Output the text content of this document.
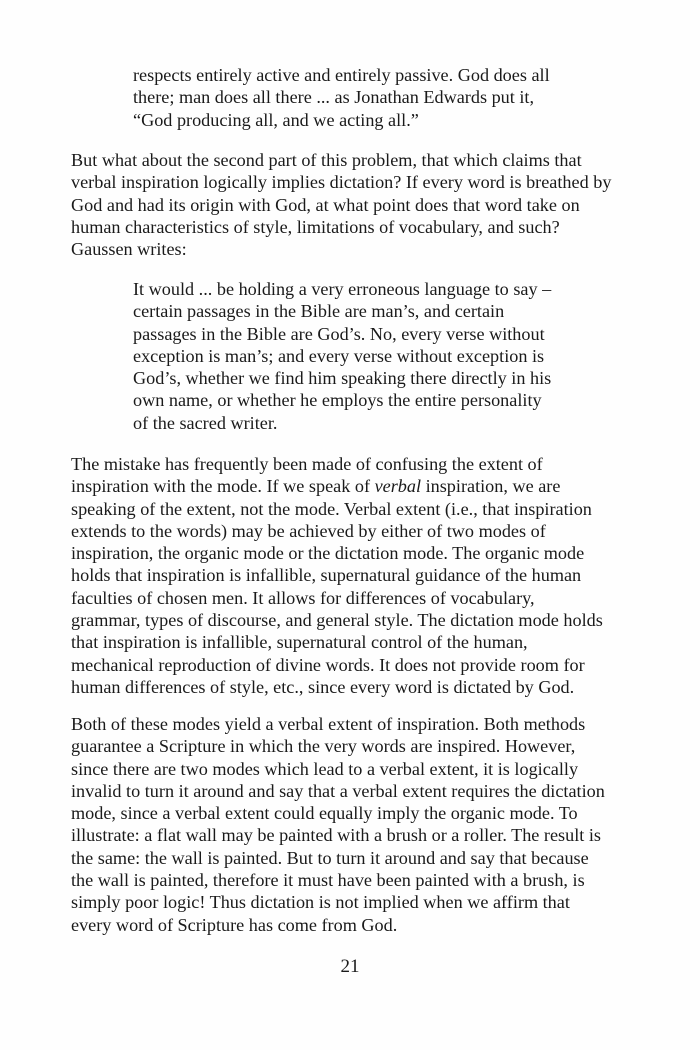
respects entirely active and entirely passive. God does all
there; man does all there ... as Jonathan Edwards put it,
“God producing all, and we acting all.”
But what about the second part of this problem, that which claims that
verbal inspiration logically implies dictation? If every word is breathed by
God and had its origin with God, at what point does that word take on
human characteristics of style, limitations of vocabulary, and such?
Gaussen writes:
It would ... be holding a very erroneous language to say –
certain passages in the Bible are man’s, and certain
passages in the Bible are God’s. No, every verse without
exception is man’s; and every verse without exception is
God’s, whether we find him speaking there directly in his
own name, or whether he employs the entire personality
of the sacred writer.
The mistake has frequently been made of confusing the extent of
inspiration with the mode. If we speak of verbal inspiration, we are
speaking of the extent, not the mode. Verbal extent (i.e., that inspiration
extends to the words) may be achieved by either of two modes of
inspiration, the organic mode or the dictation mode. The organic mode
holds that inspiration is infallible, supernatural guidance of the human
faculties of chosen men. It allows for differences of vocabulary,
grammar, types of discourse, and general style. The dictation mode holds
that inspiration is infallible, supernatural control of the human,
mechanical reproduction of divine words. It does not provide room for
human differences of style, etc., since every word is dictated by God.
Both of these modes yield a verbal extent of inspiration. Both methods
guarantee a Scripture in which the very words are inspired. However,
since there are two modes which lead to a verbal extent, it is logically
invalid to turn it around and say that a verbal extent requires the dictation
mode, since a verbal extent could equally imply the organic mode. To
illustrate: a flat wall may be painted with a brush or a roller. The result is
the same: the wall is painted. But to turn it around and say that because
the wall is painted, therefore it must have been painted with a brush, is
simply poor logic! Thus dictation is not implied when we affirm that
every word of Scripture has come from God.
21
